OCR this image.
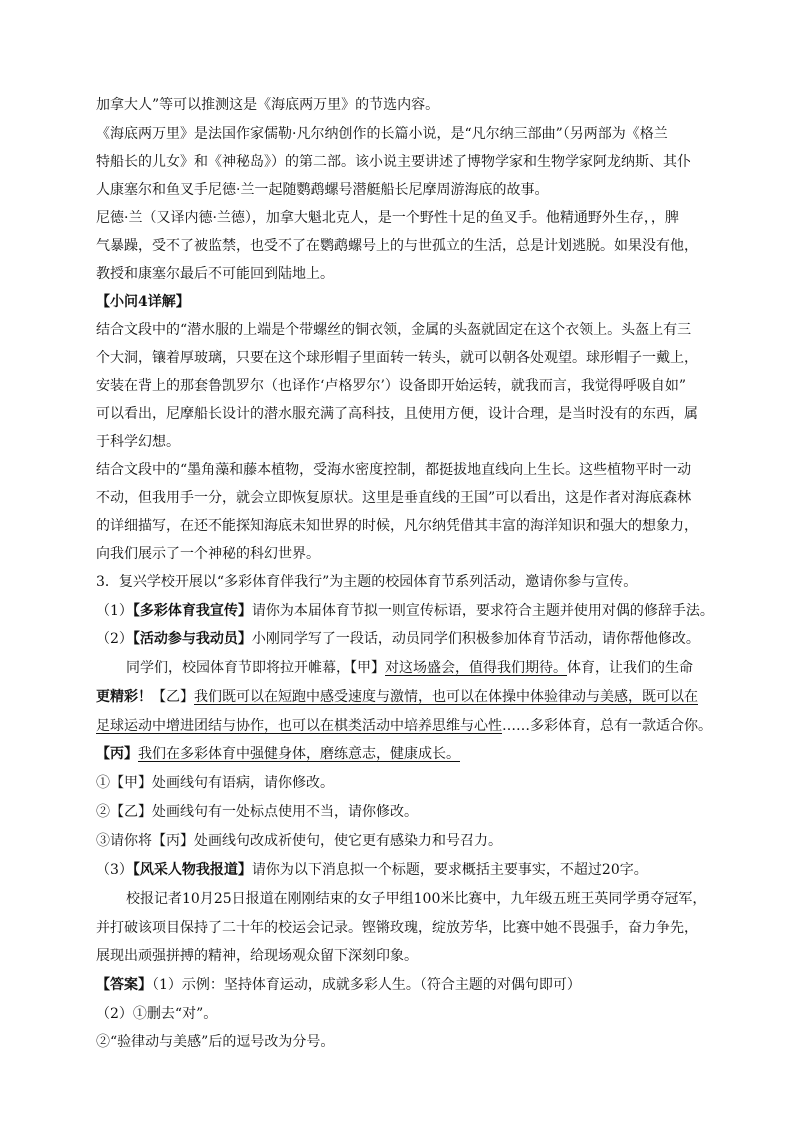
加拿大人”等可以推测这是《海底两万里》的节选内容。
《海底两万里》是法国作家儒勒·凡尔纳创作的长篇小说，是“凡尔纳三部曲”（另两部为《格兰
特船长的儿女》和《神秘岛》）的第二部。该小说主要讲述了博物学家和生物学家阿龙纳斯、其仆
人康塞尔和鱼叉手尼德·兰一起随鹦鹉螺号潜艇船长尼摩周游海底的故事。
尼德·兰（又译内德·兰德），加拿大魁北克人，是一个野性十足的鱼叉手。他精通野外生存，，脾
气暴躁，受不了被监禁，也受不了在鹦鹉螺号上的与世孤立的生活，总是计划逃脱。如果没有他，
教授和康塞尔最后不可能回到陆地上。
【小问4详解】
结合文段中的“潜水服的上端是个带螺丝的铜衣领，金属的头盔就固定在这个衣领上。头盔上有三
个大洞，镶着厚玻璃，只要在这个球形帽子里面转一转头，就可以朝各处观望。球形帽子一戴上，
安装在背上的那套鲁凯罗尔（也译作‘卢格罗尔’）设备即开始运转，就我而言，我觉得呼吸自如”
可以看出，尼摩船长设计的潜水服充满了高科技，且使用方便，设计合理，是当时没有的东西，属
于科学幻想。
结合文段中的“墨角藻和藤本植物，受海水密度控制，都挺拔地直线向上生长。这些植物平时一动
不动，但我用手一分，就会立即恢复原状。这里是垂直线的王国”可以看出，这是作者对海底森林
的详细描写，在还不能探知海底未知世界的时候，凡尔纳凭借其丰富的海洋知识和强大的想象力，
向我们展示了一个神秘的科幻世界。
3．复兴学校开展以“多彩体育伴我行”为主题的校园体育节系列活动，邀请你参与宣传。
（1）【多彩体育我宣传】请你为本届体育节拟一则宣传标语，要求符合主题并使用对偶的修辞手法。
（2）【活动参与我动员】小刚同学写了一段话，动员同学们积极参加体育节活动，请你帮他修改。
同学们，校园体育节即将拉开帷幕，【甲】对这场盛会，值得我们期待。体育，让我们的生命
更精彩！【乙】我们既可以在短跑中感受速度与激情，也可以在体操中体验律动与美感，既可以在
足球运动中增进团结与协作，也可以在棋类活动中培养思维与心性……多彩体育，总有一款适合你。
【丙】我们在多彩体育中强健身体，磨练意志，健康成长。
①【甲】处画线句有语病，请你修改。
②【乙】处画线句有一处标点使用不当，请你修改。
③请你将【丙】处画线句改成祈使句，使它更有感染力和号召力。
（3）【风采人物我报道】请你为以下消息拟一个标题，要求概括主要事实，不超过20字。
校报记者10月25日报道在刚刚结束的女子甲组100米比赛中，九年级五班王英同学勇夺冠军，
并打破该项目保持了二十年的校运会记录。铿锵玫瑰，绽放芳华，比赛中她不畏强手，奋力争先，
展现出顽强拼搏的精神，给现场观众留下深刻印象。
【答案】（1）示例：坚持体育运动，成就多彩人生。（符合主题的对偶句即可）
（2）①删去“对”。
②“验律动与美感”后的逗号改为分号。
